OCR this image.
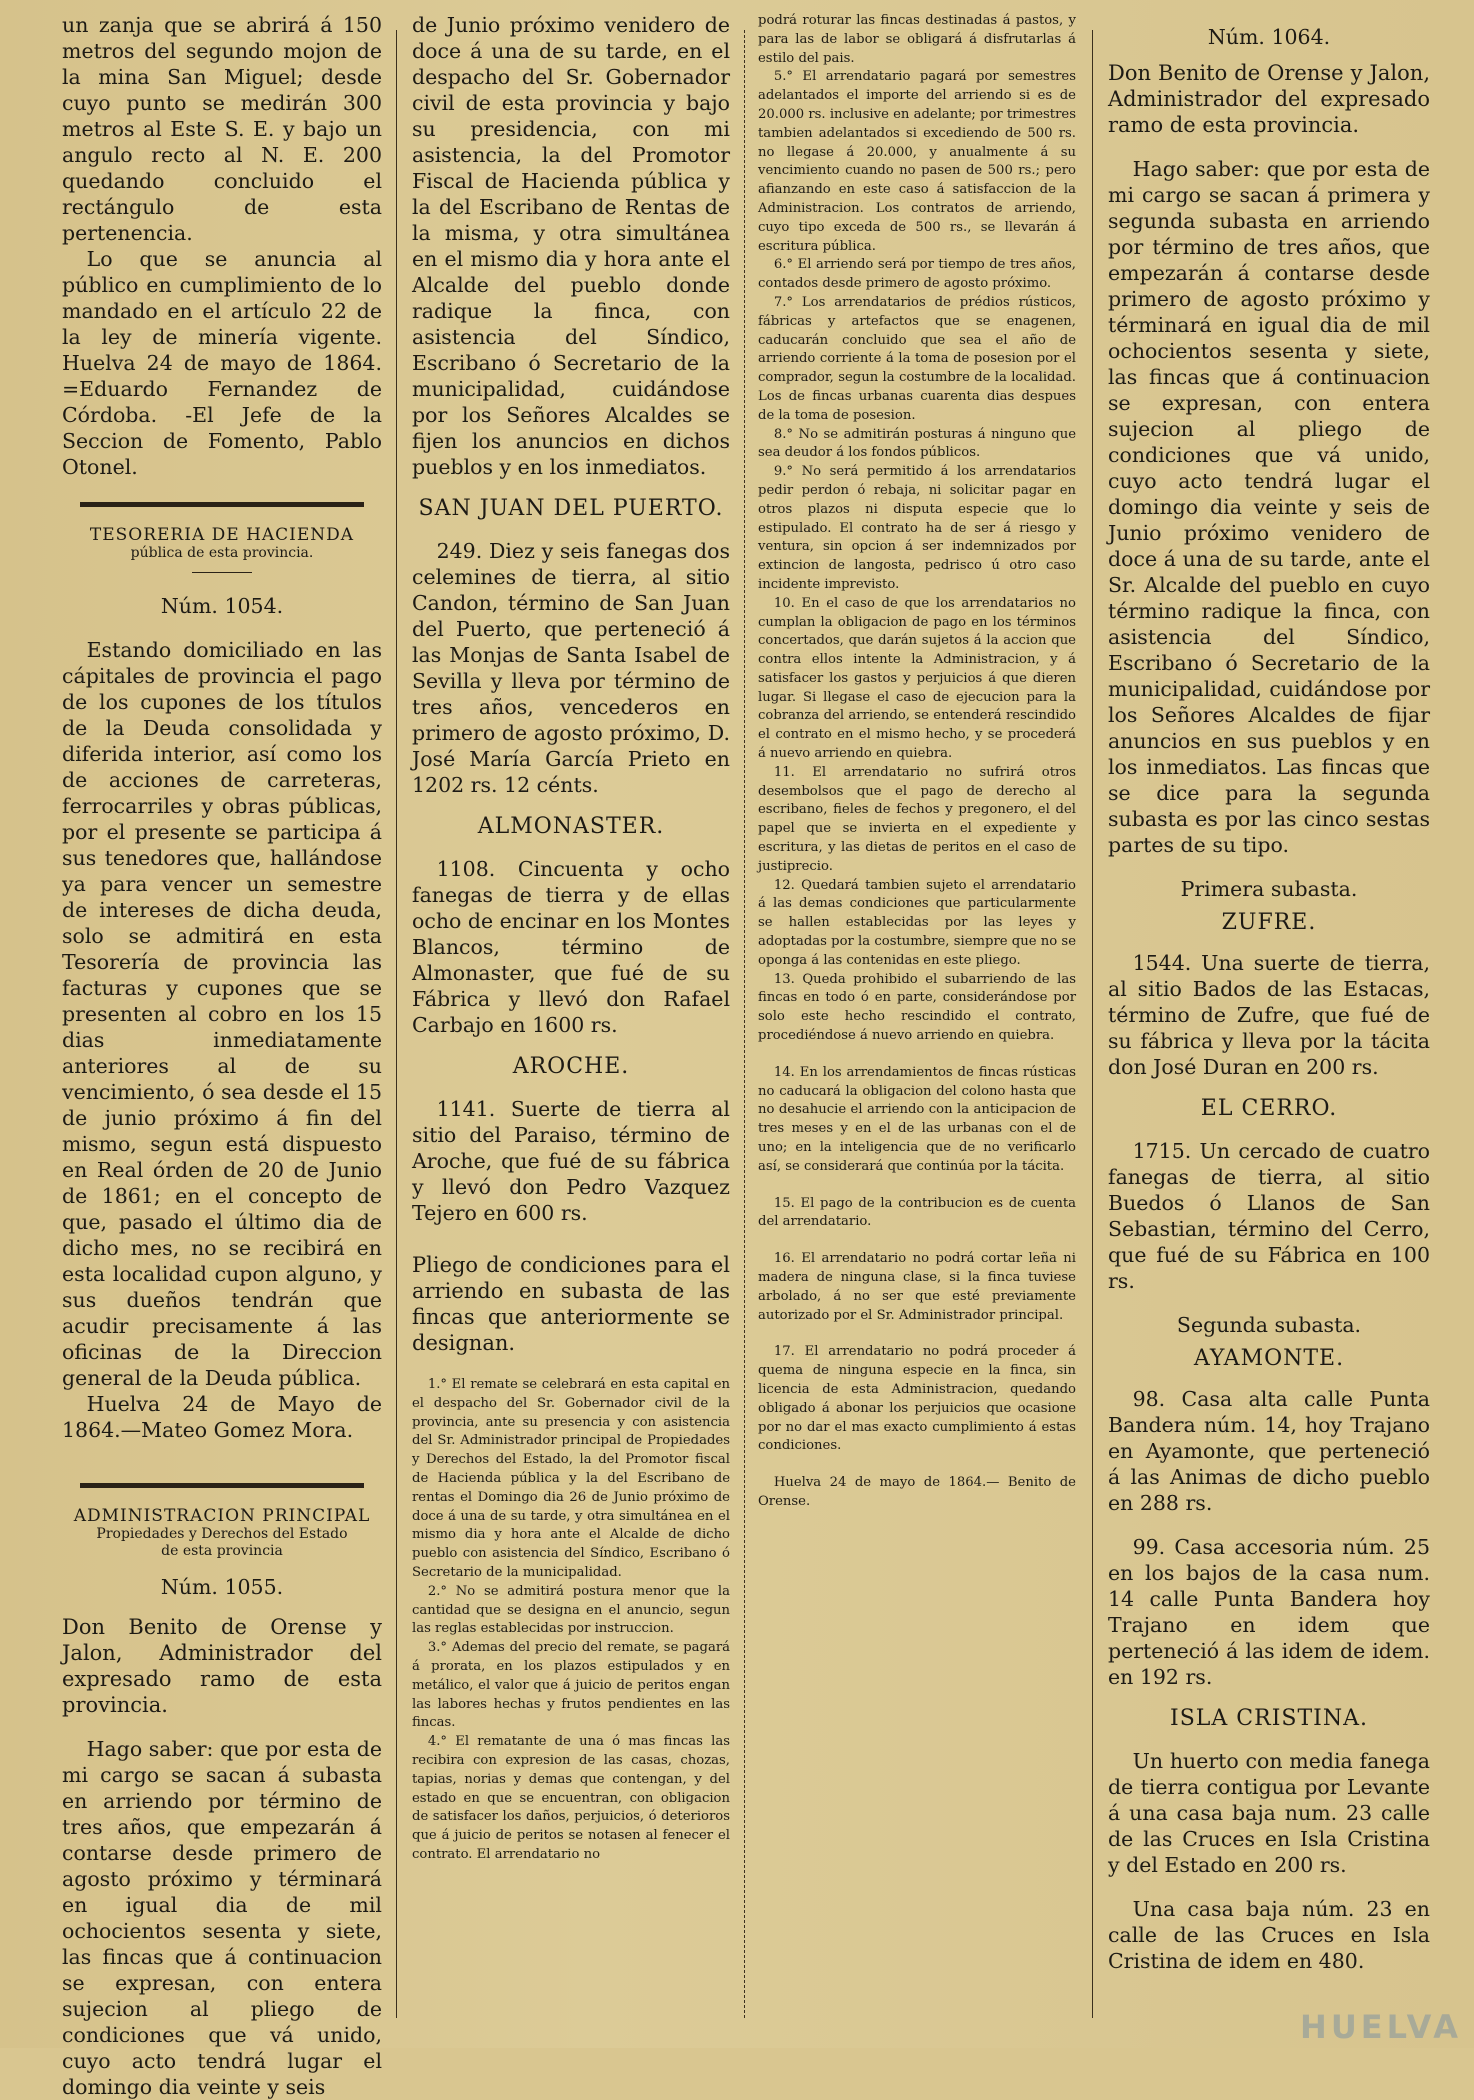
un zanja que se abrirá á 150 metros del segundo mojon de la mina San Miguel; desde cuyo punto se medirán 300 metros al Este S. E. y bajo un angulo recto al N. E. 200 quedando concluido el rectángulo de esta pertenencia.

Lo que se anuncia al público en cumplimiento de lo mandado en el artículo 22 de la ley de minería vigente. Huelva 24 de mayo de 1864. =Eduardo Fernandez de Córdoba. -El Jefe de la Seccion de Fomento, Pablo Otonel.

TESORERIA DE HACIENDA
pública de esta provincia.
Núm. 1054.

Estando domiciliado en las cápitales de provincia el pago de los cupones de los títulos de la Deuda consolidada y diferida interior, así como los de acciones de carreteras, ferrocarriles y obras públicas, por el presente se participa á sus tenedores que, hallándose ya para vencer un semestre de intereses de dicha deuda, solo se admitirá en esta Tesorería de provincia las facturas y cupones que se presenten al cobro en los 15 dias inmediatamente anteriores al de su vencimiento, ó sea desde el 15 de junio próximo á fin del mismo, segun está dispuesto en Real órden de 20 de Junio de 1861; en el concepto de que, pasado el último dia de dicho mes, no se recibirá en esta localidad cupon alguno, y sus dueños tendrán que acudir precisamente á las oficinas de la Direccion general de la Deuda pública.

Huelva 24 de Mayo de 1864.—Mateo Gomez Mora.

ADMINISTRACION PRINCIPAL
Propiedades y Derechos del Estado
de esta provincia
Núm. 1055.

Don Benito de Orense y Jalon, Administrador del expresado ramo de esta provincia.

Hago saber: que por esta de mi cargo se sacan á subasta en arriendo por término de tres años, que empezarán á contarse desde primero de agosto próximo y términará en igual dia de mil ochocientos sesenta y siete, las fincas que á continuacion se expresan, con entera sujecion al pliego de condiciones que vá unido, cuyo acto tendrá lugar el domingo dia veinte y seis

de Junio próximo venidero de doce á una de su tarde, en el despacho del Sr. Gobernador civil de esta provincia y bajo su presidencia, con mi asistencia, la del Promotor Fiscal de Hacienda pública y la del Escribano de Rentas de la misma, y otra simultánea en el mismo dia y hora ante el Alcalde del pueblo donde radique la finca, con asistencia del Síndico, Escribano ó Secretario de la municipalidad, cuidándose por los Señores Alcaldes se fijen los anuncios en dichos pueblos y en los inmediatos.

SAN JUAN DEL PUERTO.

249. Diez y seis fanegas dos celemines de tierra, al sitio Candon, término de San Juan del Puerto, que perteneció á las Monjas de Santa Isabel de Sevilla y lleva por término de tres años, vencederos en primero de agosto próximo, D. José María García Prieto en 1202 rs. 12 cénts.

ALMONASTER.

1108. Cincuenta y ocho fanegas de tierra y de ellas ocho de encinar en los Montes Blancos, término de Almonaster, que fué de su Fábrica y llevó don Rafael Carbajo en 1600 rs.

AROCHE.

1141. Suerte de tierra al sitio del Paraiso, término de Aroche, que fué de su fábrica y llevó don Pedro Vazquez Tejero en 600 rs.

Pliego de condiciones para el arriendo en subasta de las fincas que anteriormente se designan.

1.° El remate se celebrará en esta capital en el despacho del Sr. Gobernador civil de la provincia, ante su presencia y con asistencia del Sr. Administrador principal de Propiedades y Derechos del Estado, la del Promotor fiscal de Hacienda pública y la del Escribano de rentas el Domingo dia 26 de Junio próximo de doce á una de su tarde, y otra simultánea en el mismo dia y hora ante el Alcalde de dicho pueblo con asistencia del Síndico, Escribano ó Secretario de la municipalidad.

2.° No se admitirá postura menor que la cantidad que se designa en el anuncio, segun las reglas establecidas por instruccion.

3.° Ademas del precio del remate, se pagará á prorata, en los plazos estipulados y en metálico, el valor que á juicio de peritos engan las labores hechas y frutos pendientes en las fincas.

4.° El rematante de una ó mas fincas las recibira con expresion de las casas, chozas, tapias, norias y demas que contengan, y del estado en que se encuentran, con obligacion de satisfacer los daños, perjuicios, ó deterioros que á juicio de peritos se notasen al fenecer el contrato. El arrendatario no

podrá roturar las fincas destinadas á pastos, y para las de labor se obligará á disfrutarlas á estilo del pais.

5.° El arrendatario pagará por semestres adelantados el importe del arriendo si es de 20.000 rs. inclusive en adelante; por trimestres tambien adelantados si excediendo de 500 rs. no llegase á 20.000, y anualmente á su vencimiento cuando no pasen de 500 rs.; pero afianzando en este caso á satisfaccion de la Administracion. Los contratos de arriendo, cuyo tipo exceda de 500 rs., se llevarán á escritura pública.

6.° El arriendo será por tiempo de tres años, contados desde primero de agosto próximo.

7.° Los arrendatarios de prédios rústicos, fábricas y artefactos que se enagenen, caducarán concluido que sea el año de arriendo corriente á la toma de posesion por el comprador, segun la costumbre de la localidad. Los de fincas urbanas cuarenta dias despues de la toma de posesion.

8.° No se admitirán posturas á ninguno que sea deudor á los fondos públicos.

9.° No será permitido á los arrendatarios pedir perdon ó rebaja, ni solicitar pagar en otros plazos ni disputa especie que lo estipulado. El contrato ha de ser á riesgo y ventura, sin opcion á ser indemnizados por extincion de langosta, pedrisco ú otro caso incidente imprevisto.

10. En el caso de que los arrendatarios no cumplan la obligacion de pago en los términos concertados, que darán sujetos á la accion que contra ellos intente la Administracion, y á satisfacer los gastos y perjuicios á que dieren lugar. Si llegase el caso de ejecucion para la cobranza del arriendo, se entenderá rescindido el contrato en el mismo hecho, y se procederá á nuevo arriendo en quiebra.

11. El arrendatario no sufrirá otros desembolsos que el pago de derecho al escribano, fieles de fechos y pregonero, el del papel que se invierta en el expediente y escritura, y las dietas de peritos en el caso de justiprecio.

12. Quedará tambien sujeto el arrendatario á las demas condiciones que particularmente se hallen establecidas por las leyes y adoptadas por la costumbre, siempre que no se oponga á las contenidas en este pliego.

13. Queda prohibido el subarriendo de las fincas en todo ó en parte, considerándose por solo este hecho rescindido el contrato, procediéndose á nuevo arriendo en quiebra.

14. En los arrendamientos de fincas rústicas no caducará la obligacion del colono hasta que no desahucie el arriendo con la anticipacion de tres meses y en el de las urbanas con el de uno; en la inteligencia que de no verificarlo así, se considerará que continúa por la tácita.

15. El pago de la contribucion es de cuenta del arrendatario.

16. El arrendatario no podrá cortar leña ni madera de ninguna clase, si la finca tuviese arbolado, á no ser que esté previamente autorizado por el Sr. Administrador principal.

17. El arrendatario no podrá proceder á quema de ninguna especie en la finca, sin licencia de esta Administracion, quedando obligado á abonar los perjuicios que ocasione por no dar el mas exacto cumplimiento á estas condiciones.

Huelva 24 de mayo de 1864.— Benito de Orense.

Núm. 1064.

Don Benito de Orense y Jalon, Administrador del expresado ramo de esta provincia.

Hago saber: que por esta de mi cargo se sacan á primera y segunda subasta en arriendo por término de tres años, que empezarán á contarse desde primero de agosto próximo y términará en igual dia de mil ochocientos sesenta y siete, las fincas que á continuacion se expresan, con entera sujecion al pliego de condiciones que vá unido, cuyo acto tendrá lugar el domingo dia veinte y seis de Junio próximo venidero de doce á una de su tarde, ante el Sr. Alcalde del pueblo en cuyo término radique la finca, con asistencia del Síndico, Escribano ó Secretario de la municipalidad, cuidándose por los Señores Alcaldes de fijar anuncios en sus pueblos y en los inmediatos. Las fincas que se dice para la segunda subasta es por las cinco sestas partes de su tipo.

Primera subasta.
ZUFRE.

1544. Una suerte de tierra, al sitio Bados de las Estacas, término de Zufre, que fué de su fábrica y lleva por la tácita don José Duran en 200 rs.

EL CERRO.

1715. Un cercado de cuatro fanegas de tierra, al sitio Buedos ó Llanos de San Sebastian, término del Cerro, que fué de su Fábrica en 100 rs.

Segunda subasta.
AYAMONTE.

98. Casa alta calle Punta Bandera núm. 14, hoy Trajano en Ayamonte, que perteneció á las Animas de dicho pueblo en 288 rs.

99. Casa accesoria núm. 25 en los bajos de la casa num. 14 calle Punta Bandera hoy Trajano en idem que perteneció á las idem de idem. en 192 rs.

ISLA CRISTINA.

Un huerto con media fanega de tierra contigua por Levante á una casa baja num. 23 calle de las Cruces en Isla Cristina y del Estado en 200 rs.

Una casa baja núm. 23 en calle de las Cruces en Isla Cristina de idem en 480.

HUELVA
